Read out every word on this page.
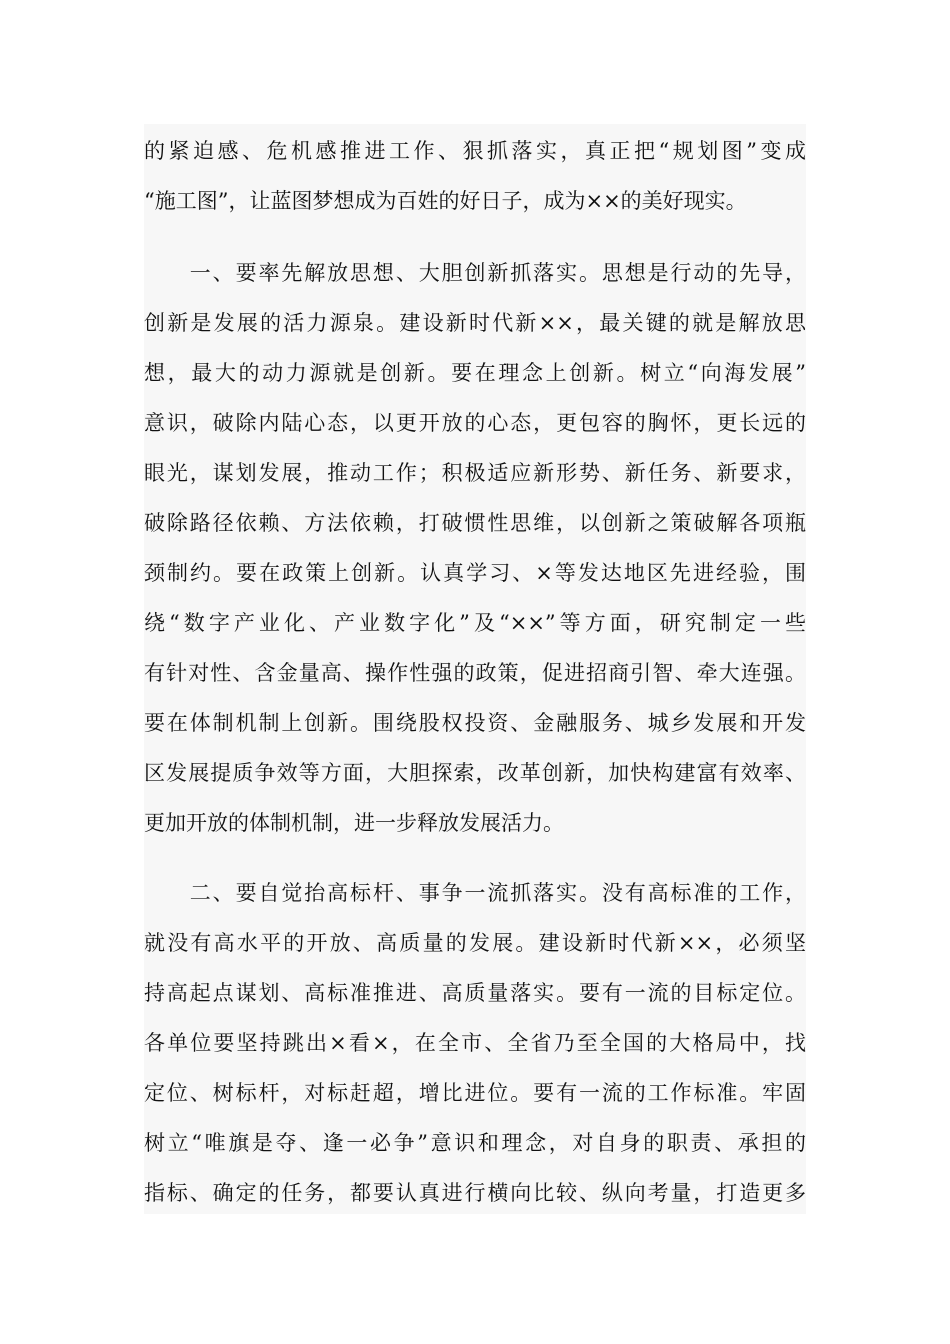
的紧迫感、危机感推进工作、狠抓落实，真正把“规划图”变成
“施工图”，让蓝图梦想成为百姓的好日子，成为××的美好现实。
　　一、要率先解放思想、大胆创新抓落实。思想是行动的先导，
创新是发展的活力源泉。建设新时代新××，最关键的就是解放思
想，最大的动力源就是创新。要在理念上创新。树立“向海发展”
意识，破除内陆心态，以更开放的心态，更包容的胸怀，更长远的
眼光，谋划发展，推动工作；积极适应新形势、新任务、新要求，
破除路径依赖、方法依赖，打破惯性思维，以创新之策破解各项瓶
颈制约。要在政策上创新。认真学习、×等发达地区先进经验，围
绕“数字产业化、产业数字化”及“××”等方面，研究制定一些
有针对性、含金量高、操作性强的政策，促进招商引智、牵大连强。
要在体制机制上创新。围绕股权投资、金融服务、城乡发展和开发
区发展提质争效等方面，大胆探索，改革创新，加快构建富有效率、
更加开放的体制机制，进一步释放发展活力。
　　二、要自觉抬高标杆、事争一流抓落实。没有高标准的工作，
就没有高水平的开放、高质量的发展。建设新时代新××，必须坚
持高起点谋划、高标准推进、高质量落实。要有一流的目标定位。
各单位要坚持跳出×看×，在全市、全省乃至全国的大格局中，找
定位、树标杆，对标赶超，增比进位。要有一流的工作标准。牢固
树立“唯旗是夺、逢一必争”意识和理念，对自身的职责、承担的
指标、确定的任务，都要认真进行横向比较、纵向考量，打造更多
